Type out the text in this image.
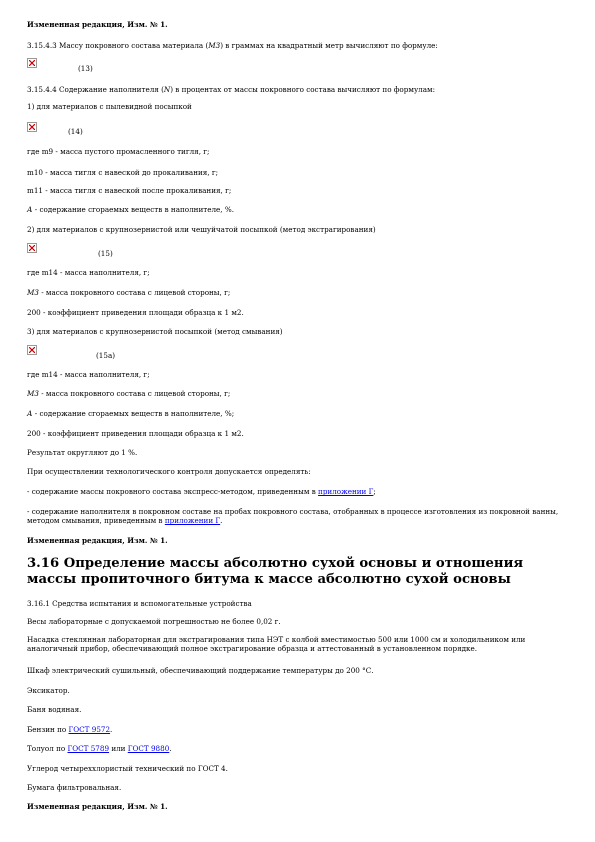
Измененная редакция, Изм. № 1.
3.15.4.3 Массу покровного состава материала (М3) в граммах на квадратный метр вычисляют по формуле:
(13)
3.15.4.4 Содержание наполнителя (N) в процентах от массы покровного состава вычисляют по формулам:
1) для материалов с пылевидной посыпкой
(14)
где m9 - масса пустого промасленного тигля, г;
m10 - масса тигля с навеской до прокаливания, г;
m11 - масса тигля с навеской после прокаливания, г;
А - содержание сгораемых веществ в наполнителе, %.
2) для материалов с крупнозернистой или чешуйчатой посыпкой (метод экстрагирования)
(15)
где m14 - масса наполнителя, г;
М3 - масса покровного состава с лицевой стороны, г;
200 - коэффициент приведения площади образца к 1 м2.
3) для материалов с крупнозернистой посыпкой (метод смывания)
(15а)
где m14 - масса наполнителя, г;
М3 - масса покровного состава с лицевой стороны, г;
А - содержание сгораемых веществ в наполнителе, %;
200 - коэффициент приведения площади образца к 1 м2.
Результат округляют до 1 %.
При осуществлении технологического контроля допускается определять:
- содержание массы покровного состава экспресс-методом, приведенным в приложении Г;
- содержание наполнителя в покровном составе на пробах покровного состава, отобранных в процессе изготовления из покровной ванны, методом смывания, приведенным в приложении Г.
Измененная редакция, Изм. № 1.
3.16 Определение массы абсолютно сухой основы и отношения массы пропиточного битума к массе абсолютно сухой основы
3.16.1 Средства испытания и вспомогательные устройства
Весы лабораторные с допускаемой погрешностью не более 0,02 г.
Насадка стеклянная лабораторная для экстрагирования типа НЭТ с колбой вместимостью 500 или 1000 см и холодильником или аналогичный прибор, обеспечивающий полное экстрагирование образца и аттестованный в установленном порядке.
Шкаф электрический сушильный, обеспечивающий поддержание температуры до 200 °С.
Эксикатор.
Баня водяная.
Бензин по ГОСТ 9572.
Толуол по ГОСТ 5789 или ГОСТ 9880.
Углерод четыреххлористый технический по ГОСТ 4.
Бумага фильтровальная.
Измененная редакция, Изм. № 1.
